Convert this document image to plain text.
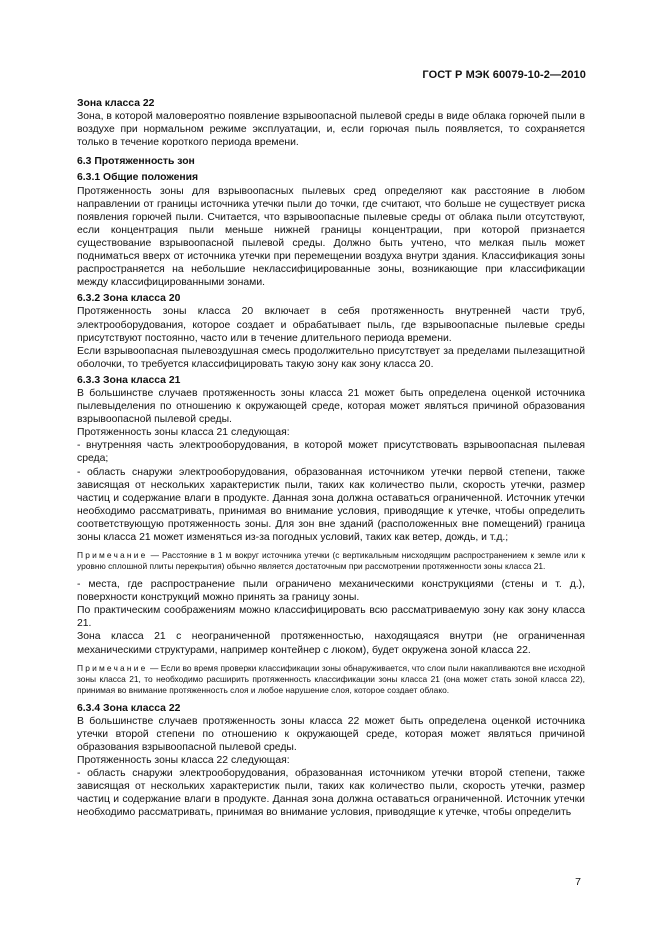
ГОСТ Р МЭК 60079-10-2—2010

Зона класса 22

Зона, в которой маловероятно появление взрывоопасной пылевой среды в виде облака горючей пыли в воздухе при нормальном режиме эксплуатации, и, если горючая пыль появляется, то сохраняется только в течение короткого периода времени.

6.3 Протяженность зон

6.3.1 Общие положения

Протяженность зоны для взрывоопасных пылевых сред определяют как расстояние в любом направлении от границы источника утечки пыли до точки, где считают, что больше не существует риска появления горючей пыли. Считается, что взрывоопасные пылевые среды от облака пыли отсутствуют, если концентрация пыли меньше нижней границы концентрации, при которой признается существование взрывоопасной пылевой среды. Должно быть учтено, что мелкая пыль может подниматься вверх от источника утечки при перемещении воздуха внутри здания. Классификация зоны распространяется на небольшие неклассифицированные зоны, возникающие при классификации между классифицированными зонами.

6.3.2 Зона класса 20

Протяженность зоны класса 20 включает в себя протяженность внутренней части труб, электрооборудования, которое создает и обрабатывает пыль, где взрывоопасные пылевые среды присутствуют постоянно, часто или в течение длительного периода времени.

Если взрывоопасная пылевоздушная смесь продолжительно присутствует за пределами пылезащитной оболочки, то требуется классифицировать такую зону как зону класса 20.

6.3.3 Зона класса 21

В большинстве случаев протяженность зоны класса 21 может быть определена оценкой источника пылевыделения по отношению к окружающей среде, которая может являться причиной образования взрывоопасной пылевой среды.

Протяженность зоны класса 21 следующая:

- внутренняя часть электрооборудования, в которой может присутствовать взрывоопасная пылевая среда;

- область снаружи электрооборудования, образованная источником утечки первой степени, также зависящая от нескольких характеристик пыли, таких как количество пыли, скорость утечки, размер частиц и содержание влаги в продукте. Данная зона должна оставаться ограниченной. Источник утечки необходимо рассматривать, принимая во внимание условия, приводящие к утечке, чтобы определить соответствующую протяженность зоны. Для зон вне зданий (расположенных вне помещений) граница зоны класса 21 может изменяться из-за погодных условий, таких как ветер, дождь, и т.д.;

Примечание — Расстояние в 1 м вокруг источника утечки (с вертикальным нисходящим распространением к земле или к уровню сплошной плиты перекрытия) обычно является достаточным при рассмотрении протяженности зоны класса 21.

- места, где распространение пыли ограничено механическими конструкциями (стены и т. д.), поверхности конструкций можно принять за границу зоны.

По практическим соображениям можно классифицировать всю рассматриваемую зону как зону класса 21.

Зона класса 21 с неограниченной протяженностью, находящаяся внутри (не ограниченная механическими структурами, например контейнер с люком), будет окружена зоной класса 22.

Примечание — Если во время проверки классификации зоны обнаруживается, что слои пыли накапливаются вне исходной зоны класса 21, то необходимо расширить протяженность классификации зоны класса 21 (она может стать зоной класса 22), принимая во внимание протяженность слоя и любое нарушение слоя, которое создает облако.

6.3.4 Зона класса 22

В большинстве случаев протяженность зоны класса 22 может быть определена оценкой источника утечки второй степени по отношению к окружающей среде, которая может являться причиной образования взрывоопасной пылевой среды.

Протяженность зоны класса 22 следующая:

- область снаружи электрооборудования, образованная источником утечки второй степени, также зависящая от нескольких характеристик пыли, таких как количество пыли, скорость утечки, размер частиц и содержание влаги в продукте. Данная зона должна оставаться ограниченной. Источник утечки необходимо рассматривать, принимая во внимание условия, приводящие к утечке, чтобы определить

7
